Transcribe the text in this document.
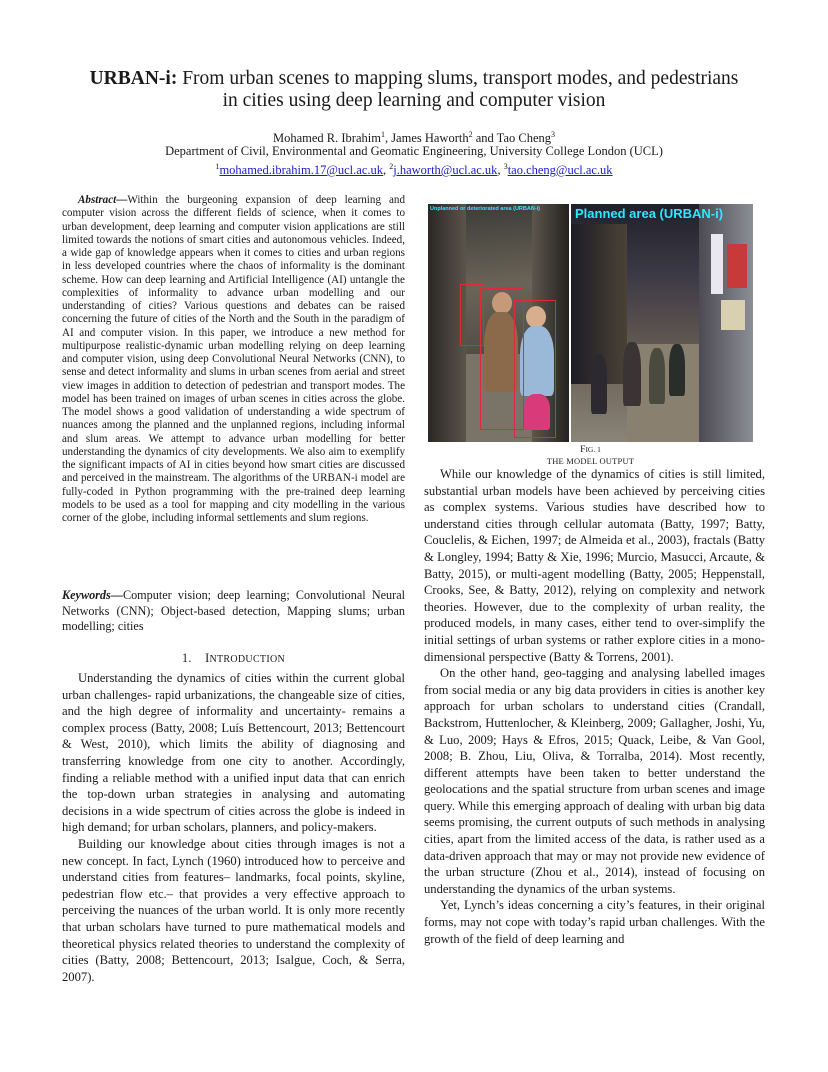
URBAN-i: From urban scenes to mapping slums, transport modes, and pedestrians
in cities using deep learning and computer vision
Mohamed R. Ibrahim$^1$, James Haworth$^2$ and Tao Cheng$^3$
Department of Civil, Environmental and Geomatic Engineering, University College London (UCL)
$^1$mohamed.ibrahim.17@ucl.ac.uk, $^2$j.haworth@ucl.ac.uk, $^3$tao.cheng@ucl.ac.uk
Abstract—Within the burgeoning expansion of deep learning and computer vision across the different fields of science, when it comes to urban development, deep learning and computer vision applications are still limited towards the notions of smart cities and autonomous vehicles. Indeed, a wide gap of knowledge appears when it comes to cities and urban regions in less developed countries where the chaos of informality is the dominant scheme. How can deep learning and Artificial Intelligence (AI) untangle the complexities of informality to advance urban modelling and our understanding of cities? Various questions and debates can be raised concerning the future of cities of the North and the South in the paradigm of AI and computer vision. In this paper, we introduce a new method for multipurpose realistic-dynamic urban modelling relying on deep learning and computer vision, using deep Convolutional Neural Networks (CNN), to sense and detect informality and slums in urban scenes from aerial and street view images in addition to detection of pedestrian and transport modes. The model has been trained on images of urban scenes in cities across the globe. The model shows a good validation of understanding a wide spectrum of nuances among the planned and the unplanned regions, including informal and slum areas. We attempt to advance urban modelling for better understanding the dynamics of city developments. We also aim to exemplify the significant impacts of AI in cities beyond how smart cities are discussed and perceived in the mainstream. The algorithms of the URBAN-i model are fully-coded in Python programming with the pre-trained deep learning models to be used as a tool for mapping and city modelling in the various corner of the globe, including informal settlements and slum regions.
Keywords—Computer vision; deep learning; Convolutional Neural Networks (CNN); Object-based detection, Mapping slums; urban modelling; cities
1. INTRODUCTION

Understanding the dynamics of cities within the current global urban challenges- rapid urbanizations, the changeable size of cities, and the high degree of informality and uncertainty- remains a complex process (Batty, 2008; Luís Bettencourt, 2013; Bettencourt & West, 2010), which limits the ability of diagnosing and transferring knowledge from one city to another. Accordingly, finding a reliable method with a unified input data that can enrich the top-down urban strategies in analysing and automating decisions in a wide spectrum of cities across the globe is indeed in high demand; for urban scholars, planners, and policy-makers.

Building our knowledge about cities through images is not a new concept. In fact, Lynch (1960) introduced how to perceive and understand cities from features– landmarks, focal points, skyline, pedestrian flow etc.– that provides a very effective approach to perceiving the nuances of the urban world. It is only more recently that urban scholars have turned to pure mathematical models and theoretical physics related theories to understand the complexity of cities (Batty, 2008; Bettencourt, 2013; Isalgue, Coch, & Serra, 2007).

Unplanned or deteriorated area (URBAN-i)	Planned area (URBAN-i)
FIG. 1
THE MODEL OUTPUT

While our knowledge of the dynamics of cities is still limited, substantial urban models have been achieved by perceiving cities as complex systems. Various studies have described how to understand cities through cellular automata (Batty, 1997; Batty, Couclelis, & Eichen, 1997; de Almeida et al., 2003), fractals (Batty & Longley, 1994; Batty & Xie, 1996; Murcio, Masucci, Arcaute, & Batty, 2015), or multi-agent modelling (Batty, 2005; Heppenstall, Crooks, See, & Batty, 2012), relying on complexity and network theories. However, due to the complexity of urban reality, the produced models, in many cases, either tend to over-simplify the initial settings of urban systems or rather explore cities in a mono-dimensional perspective (Batty & Torrens, 2001).

On the other hand, geo-tagging and analysing labelled images from social media or any big data providers in cities is another key approach for urban scholars to understand cities (Crandall, Backstrom, Huttenlocher, & Kleinberg, 2009; Gallagher, Joshi, Yu, & Luo, 2009; Hays & Efros, 2015; Quack, Leibe, & Van Gool, 2008; B. Zhou, Liu, Oliva, & Torralba, 2014). Most recently, different attempts have been taken to better understand the geolocations and the spatial structure from urban scenes and image query. While this emerging approach of dealing with urban big data seems promising, the current outputs of such methods in analysing cities, apart from the limited access of the data, is rather used as a data-driven approach that may or may not provide new evidence of the urban structure (Zhou et al., 2014), instead of focusing on understanding the dynamics of the urban systems.

Yet, Lynch’s ideas concerning a city’s features, in their original forms, may not cope with today’s rapid urban challenges. With the growth of the field of deep learning and
